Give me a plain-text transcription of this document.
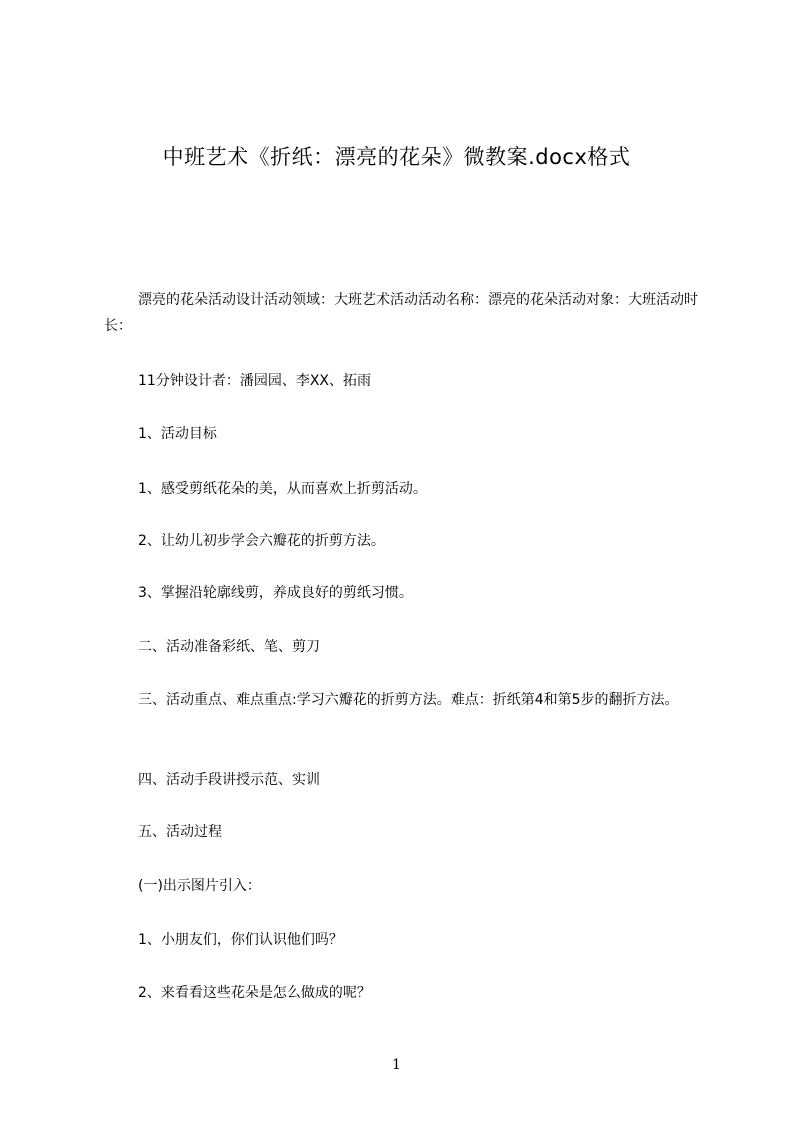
中班艺术《折纸：漂亮的花朵》微教案.docx格式
漂亮的花朵活动设计活动领域：大班艺术活动活动名称：漂亮的花朵活动对象：大班活动时长：
11分钟设计者：潘园园、李XX、拓雨
1、活动目标
1、感受剪纸花朵的美，从而喜欢上折剪活动。
2、让幼儿初步学会六瓣花的折剪方法。
3、掌握沿轮廓线剪，养成良好的剪纸习惯。
二、活动准备彩纸、笔、剪刀
三、活动重点、难点重点:学习六瓣花的折剪方法。难点：折纸第4和第5步的翻折方法。
四、活动手段讲授示范、实训
五、活动过程
(一)出示图片引入：
1、小朋友们，你们认识他们吗？
2、来看看这些花朵是怎么做成的呢？
1
